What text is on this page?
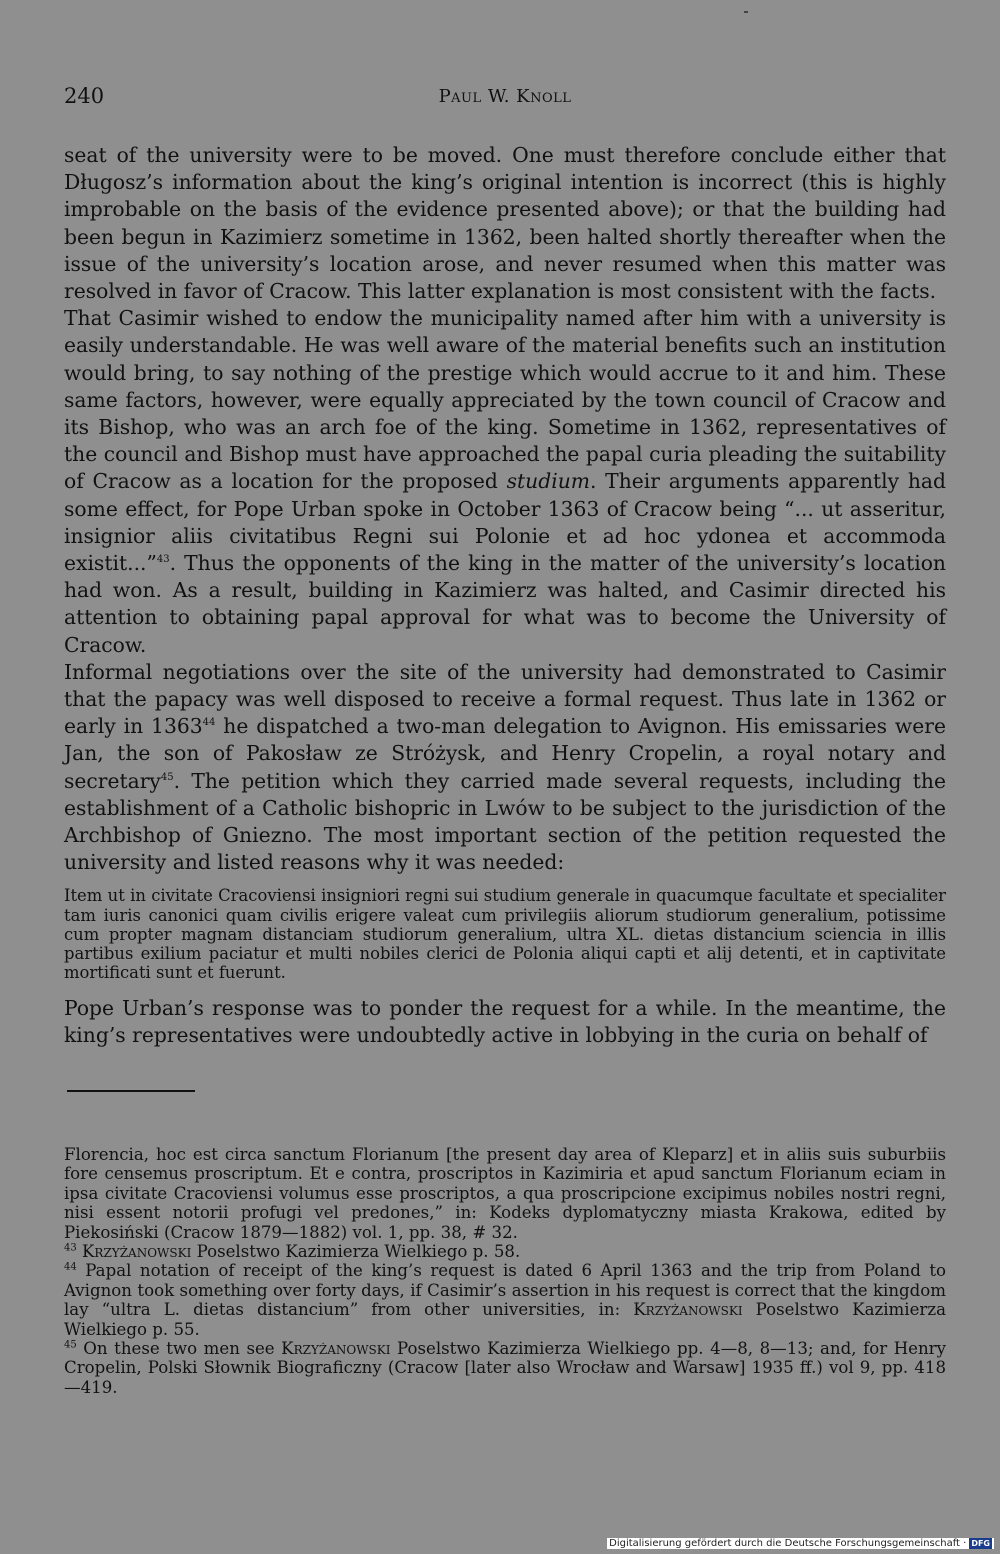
240	Paul W. Knoll

seat of the university were to be moved. One must therefore conclude either that Długosz’s information about the king’s original intention is incorrect (this is highly improbable on the basis of the evidence presented above); or that the building had been begun in Kazimierz sometime in 1362, been halted shortly thereafter when the issue of the university’s location arose, and never resumed when this matter was resolved in favor of Cracow. This latter explanation is most consistent with the facts.

That Casimir wished to endow the municipality named after him with a university is easily understandable. He was well aware of the material benefits such an institution would bring, to say nothing of the prestige which would accrue to it and him. These same factors, however, were equally appreciated by the town council of Cracow and its Bishop, who was an arch foe of the king. Sometime in 1362, representatives of the council and Bishop must have approached the papal curia pleading the suitability of Cracow as a location for the proposed studium. Their arguments apparently had some effect, for Pope Urban spoke in October 1363 of Cracow being “... ut asseritur, insignior aliis civitatibus Regni sui Polonie et ad hoc ydonea et accommoda existit...”$^{43}$. Thus the opponents of the king in the matter of the university’s location had won. As a result, building in Kazimierz was halted, and Casimir directed his attention to obtaining papal approval for what was to become the University of Cracow.

Informal negotiations over the site of the university had demonstrated to Casimir that the papacy was well disposed to receive a formal request. Thus late in 1362 or early in 1363$^{44}$ he dispatched a two-man delegation to Avignon. His emissaries were Jan, the son of Pakosław ze Stróżysk, and Henry Cropelin, a royal notary and secretary$^{45}$. The petition which they carried made several requests, including the establishment of a Catholic bishopric in Lwów to be subject to the jurisdiction of the Archbishop of Gniezno. The most important section of the petition requested the university and listed reasons why it was needed:

Item ut in civitate Cracoviensi insigniori regni sui studium generale in quacumque facultate et specialiter tam iuris canonici quam civilis erigere valeat cum privilegiis aliorum studiorum generalium, potissime cum propter magnam distanciam studiorum generalium, ultra XL. dietas distancium sciencia in illis partibus exilium paciatur et multi nobiles clerici de Polonia aliqui capti et alij detenti, et in captivitate mortificati sunt et fuerunt.

Pope Urban’s response was to ponder the request for a while. In the meantime, the king’s representatives were undoubtedly active in lobbying in the curia on behalf of

Florencia, hoc est circa sanctum Florianum [the present day area of Kleparz] et in aliis suis suburbiis fore censemus proscriptum. Et e contra, proscriptos in Kazimiria et apud sanctum Florianum eciam in ipsa civitate Cracoviensi volumus esse proscriptos, a qua proscripcione excipimus nobiles nostri regni, nisi essent notorii profugi vel predones,” in: Kodeks dyplomatyczny miasta Krakowa, edited by Piekosiński (Cracow 1879—1882) vol. 1, pp. 38, # 32.

$^{43}$ Krzyżanowski Poselstwo Kazimierza Wielkiego p. 58.

$^{44}$ Papal notation of receipt of the king’s request is dated 6 April 1363 and the trip from Poland to Avignon took something over forty days, if Casimir’s assertion in his request is correct that the kingdom lay “ultra L. dietas distancium” from other universities, in: Krzyżanowski Poselstwo Kazimierza Wielkiego p. 55.

$^{45}$ On these two men see Krzyżanowski Poselstwo Kazimierza Wielkiego pp. 4—8, 8—13; and, for Henry Cropelin, Polski Słownik Biograficzny (Cracow [later also Wrocław and Warsaw] 1935 ff.) vol 9, pp. 418—419.

Digitalisierung gefördert durch die Deutsche Forschungsgemeinschaft · DFG
